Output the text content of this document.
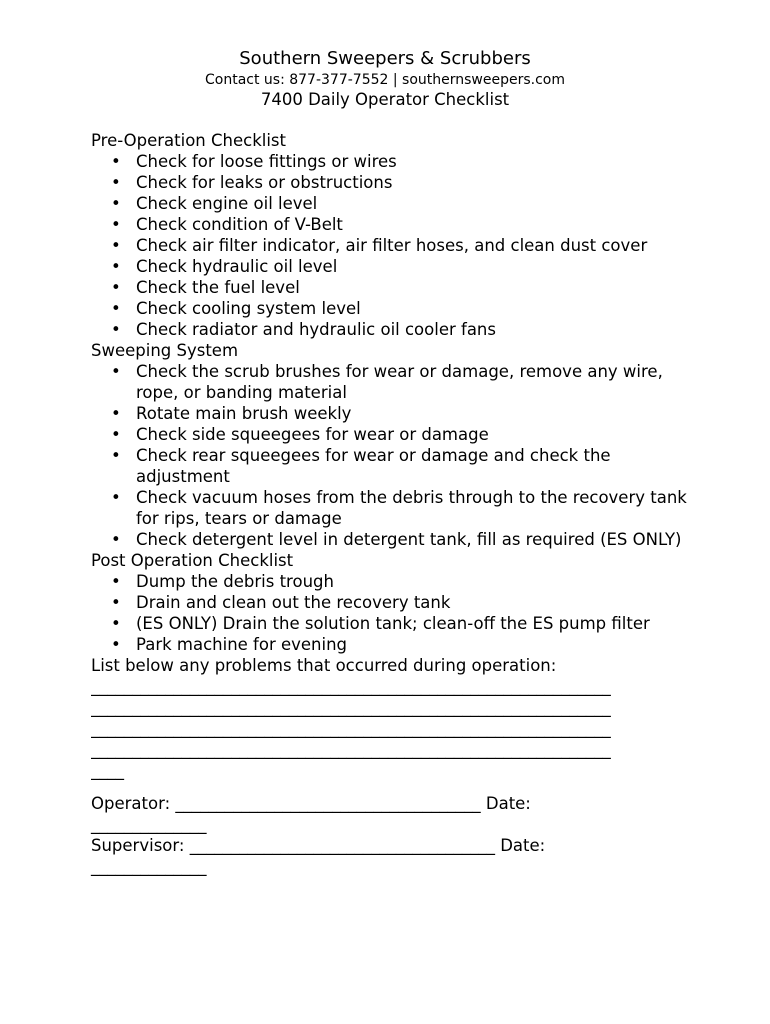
Southern Sweepers & Scrubbers
Contact us: 877-377-7552 | southernsweepers.com
7400 Daily Operator Checklist

Pre-Operation Checklist

• Check for loose fittings or wires
• Check for leaks or obstructions
• Check engine oil level
• Check condition of V-Belt
• Check air filter indicator, air filter hoses, and clean dust cover
• Check hydraulic oil level
• Check the fuel level
• Check cooling system level
• Check radiator and hydraulic oil cooler fans

Sweeping System

• Check the scrub brushes for wear or damage, remove any wire, rope, or banding material
• Rotate main brush weekly
• Check side squeegees for wear or damage
• Check rear squeegees for wear or damage and check the adjustment
• Check vacuum hoses from the debris through to the recovery tank for rips, tears or damage
• Check detergent level in detergent tank, fill as required (ES ONLY)

Post Operation Checklist

• Dump the debris trough
• Drain and clean out the recovery tank
• (ES ONLY) Drain the solution tank; clean-off the ES pump filter
• Park machine for evening

List below any problems that occurred during operation:

_______________________________________________________________
_______________________________________________________________
_______________________________________________________________
_______________________________________________________________
____
Operator: _____________________________________ Date:
______________
Supervisor: _____________________________________ Date:
______________
